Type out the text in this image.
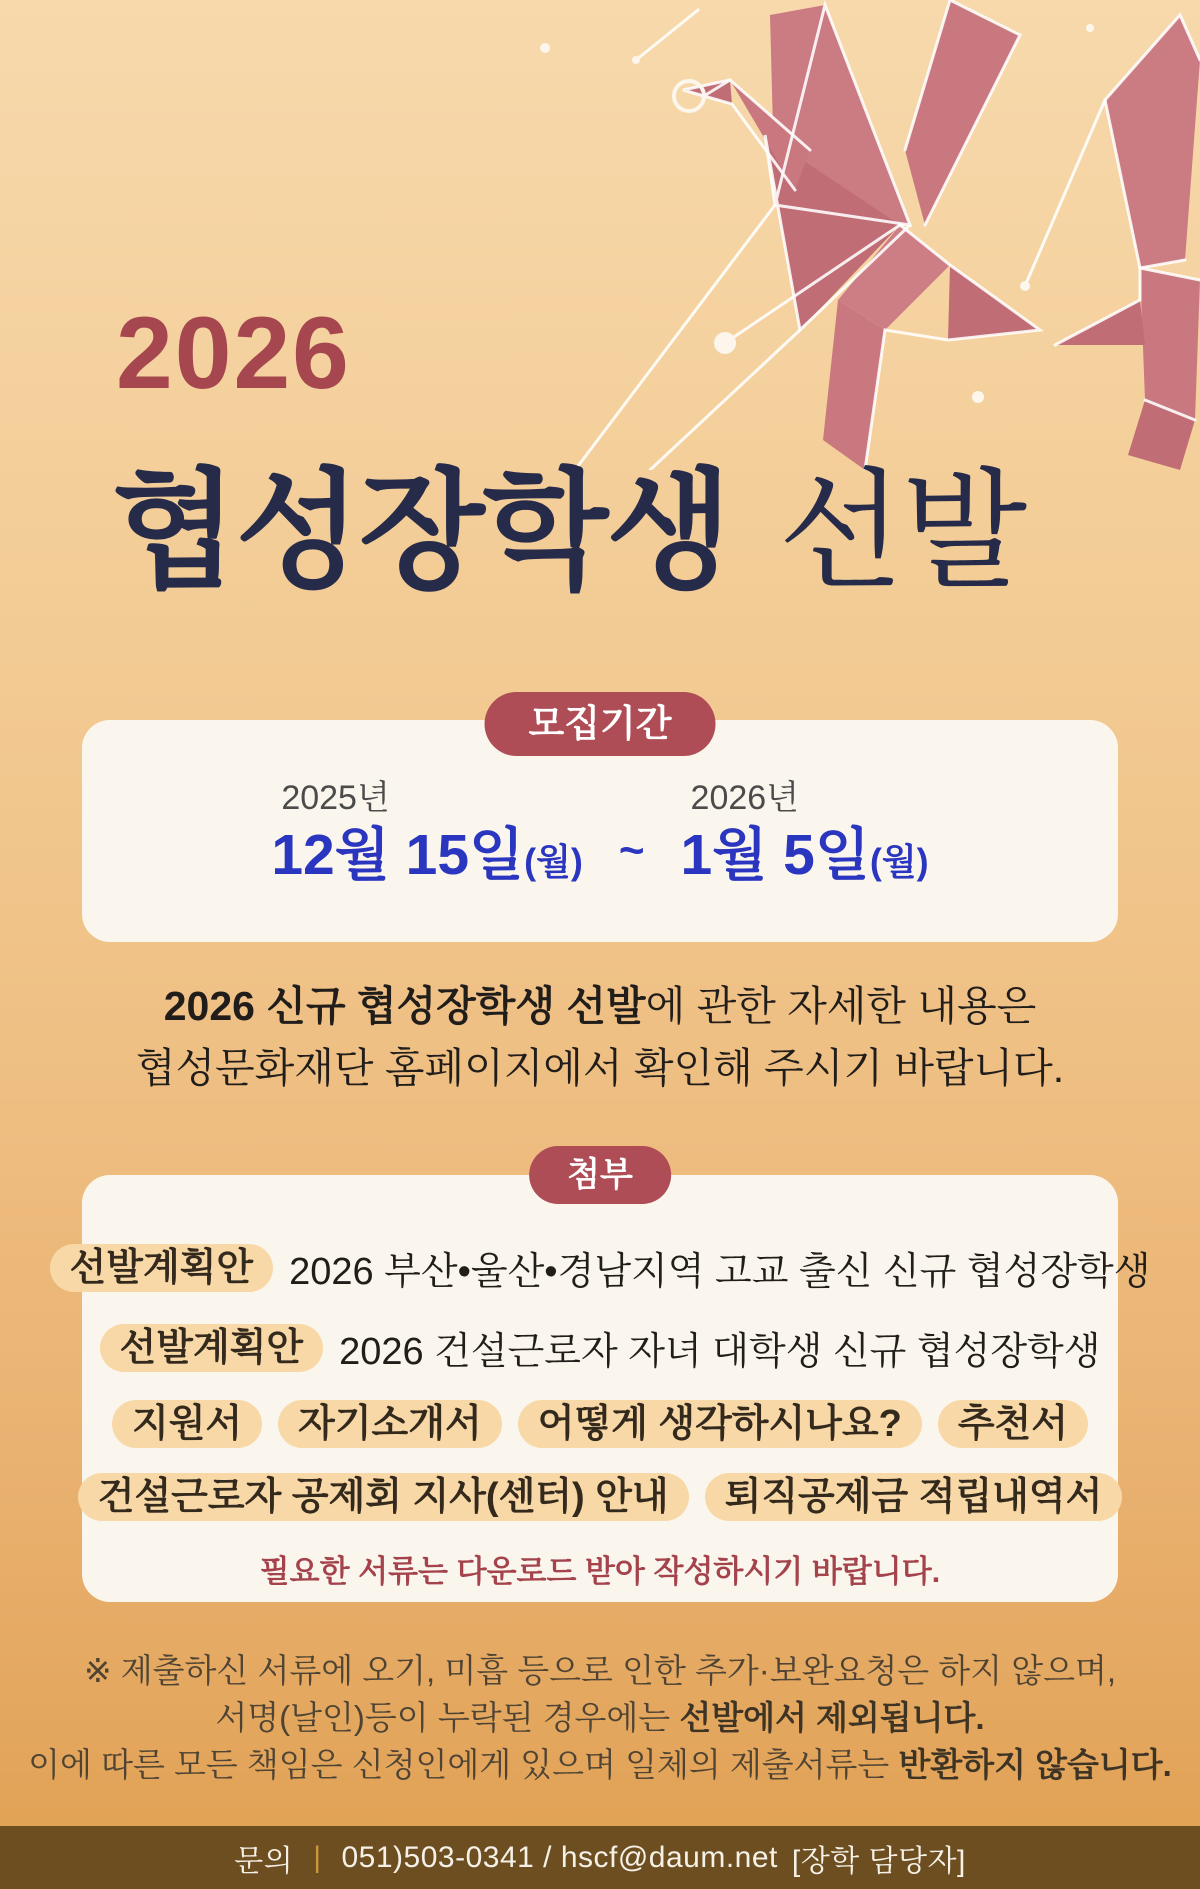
2026
협성장학생 선발
모집기간
2025년
12월 15일(월) ~
2026년
1월 5일(월)
2026 신규 협성장학생 선발에 관한 자세한 내용은
협성문화재단 홈페이지에서 확인해 주시기 바랍니다.
첨부
선발계획안 2026 부산•울산•경남지역 고교 출신 신규 협성장학생
선발계획안 2026 건설근로자 자녀 대학생 신규 협성장학생
지원서	자기소개서	어떻게 생각하시나요?	추천서
건설근로자 공제회 지사(센터) 안내	퇴직공제금 적립내역서
필요한 서류는 다운로드 받아 작성하시기 바랍니다.
※ 제출하신 서류에 오기, 미흡 등으로 인한 추가·보완요청은 하지 않으며,
서명(날인)등이 누락된 경우에는 선발에서 제외됩니다.
이에 따른 모든 책임은 신청인에게 있으며 일체의 제출서류는 반환하지 않습니다.
문의 | 051)503-0341 / hscf@daum.net [장학 담당자]
